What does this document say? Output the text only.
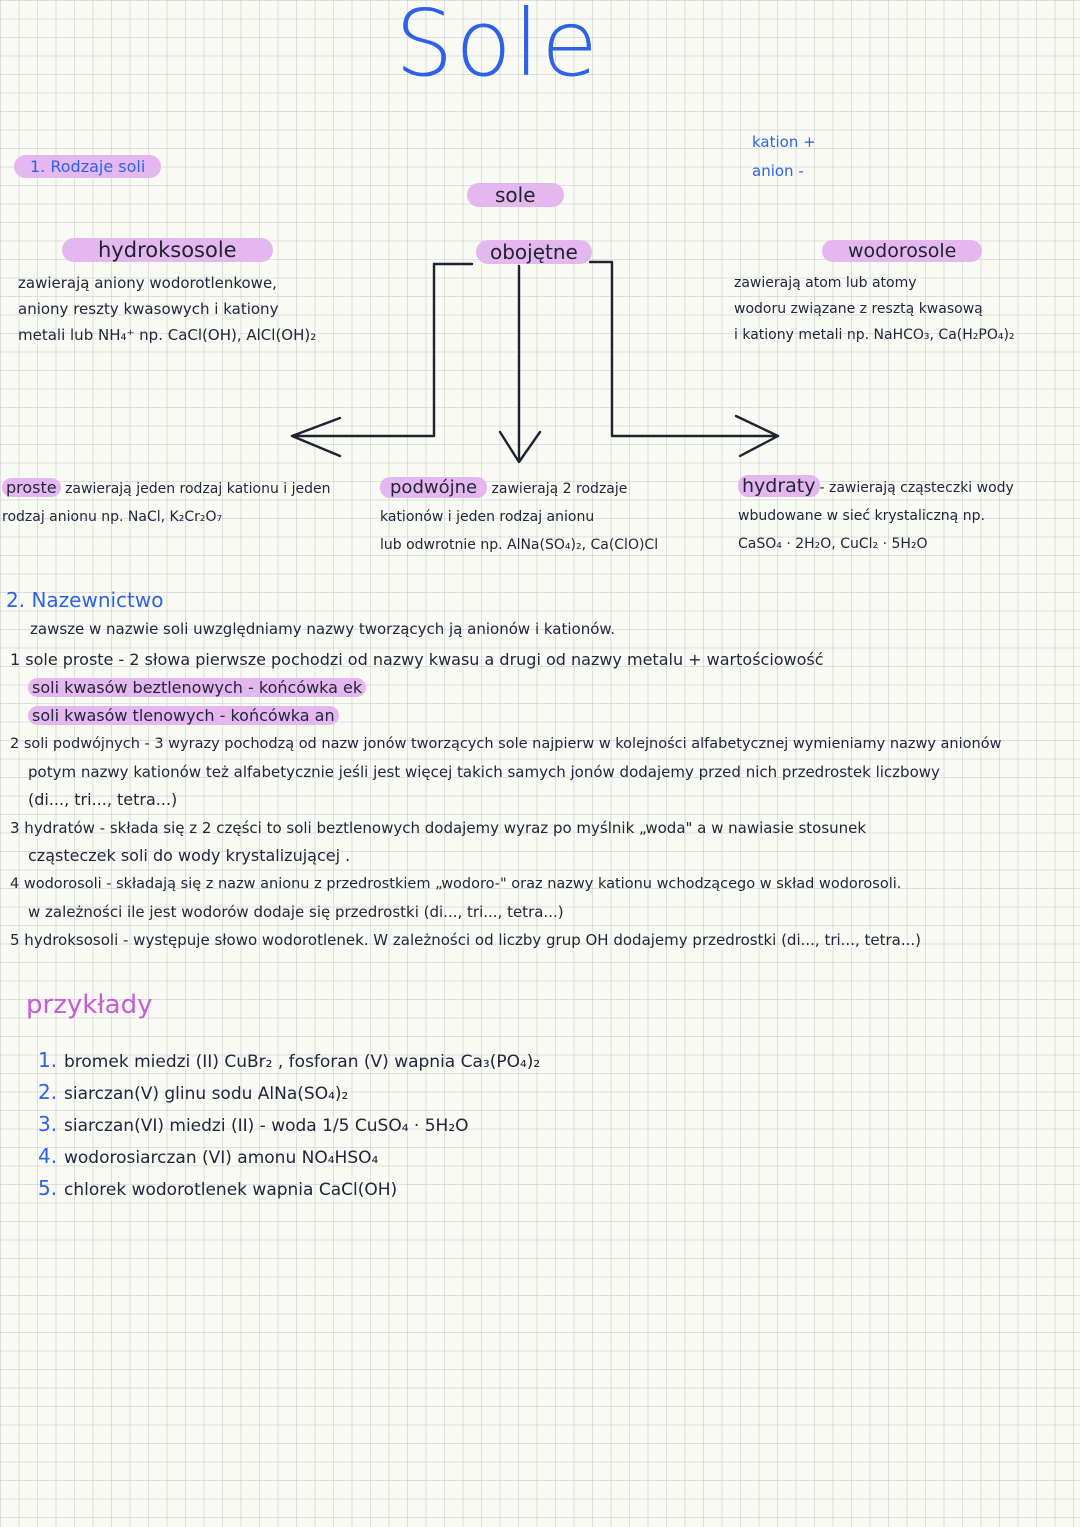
Sole
1. Rodzaje soli
kation +
anion -
sole
obojętne
hydroksosole
zawierają aniony wodorotlenkowe,
aniony reszty kwasowych i kationy
metali lub NH₄⁺ np. CaCl(OH), AlCl(OH)₂
wodorosole
zawierają atom lub atomy
wodoru związane z resztą kwasową
i kationy metali np. NaHCO₃, Ca(H₂PO₄)₂
proste zawierają jeden rodzaj kationu i jeden
rodzaj anionu np. NaCl, K₂Cr₂O₇
podwójne zawierają 2 rodzaje
kationów i jeden rodzaj anionu
lub odwrotnie np. AlNa(SO₄)₂, Ca(ClO)Cl
hydraty - zawierają cząsteczki wody
wbudowane w sieć krystaliczną np.
CaSO₄ · 2H₂O, CuCl₂ · 5H₂O
2. Nazewnictwo
zawsze w nazwie soli uwzględniamy nazwy tworzących ją anionów i kationów.
1 sole proste - 2 słowa pierwsze pochodzi od nazwy kwasu a drugi od nazwy metalu + wartościowość
soli kwasów beztlenowych - końcówka ek
soli kwasów tlenowych - końcówka an
2 soli podwójnych - 3 wyrazy pochodzą od nazw jonów tworzących sole najpierw w kolejności alfabetycznej wymieniamy nazwy anionów
potym nazwy kationów też alfabetycznie jeśli jest więcej takich samych jonów dodajemy przed nich przedrostek liczbowy
(di..., tri..., tetra...)
3 hydratów - składa się z 2 części to soli beztlenowych dodajemy wyraz po myślnik „woda" a w nawiasie stosunek
cząsteczek soli do wody krystalizującej .
4 wodorosoli - składają się z nazw anionu z przedrostkiem „wodoro-" oraz nazwy kationu wchodzącego w skład wodorosoli.
w zależności ile jest wodorów dodaje się przedrostki (di..., tri..., tetra...)
5 hydroksosoli - występuje słowo wodorotlenek. W zależności od liczby grup OH dodajemy przedrostki (di..., tri..., tetra...)
przykłady
1. bromek miedzi (II) CuBr₂ , fosforan (V) wapnia Ca₃(PO₄)₂
2. siarczan(V) glinu sodu AlNa(SO₄)₂
3. siarczan(VI) miedzi (II) - woda 1/5 CuSO₄ · 5H₂O
4. wodorosiarczan (VI) amonu NO₄HSO₄
5. chlorek wodorotlenek wapnia CaCl(OH)
